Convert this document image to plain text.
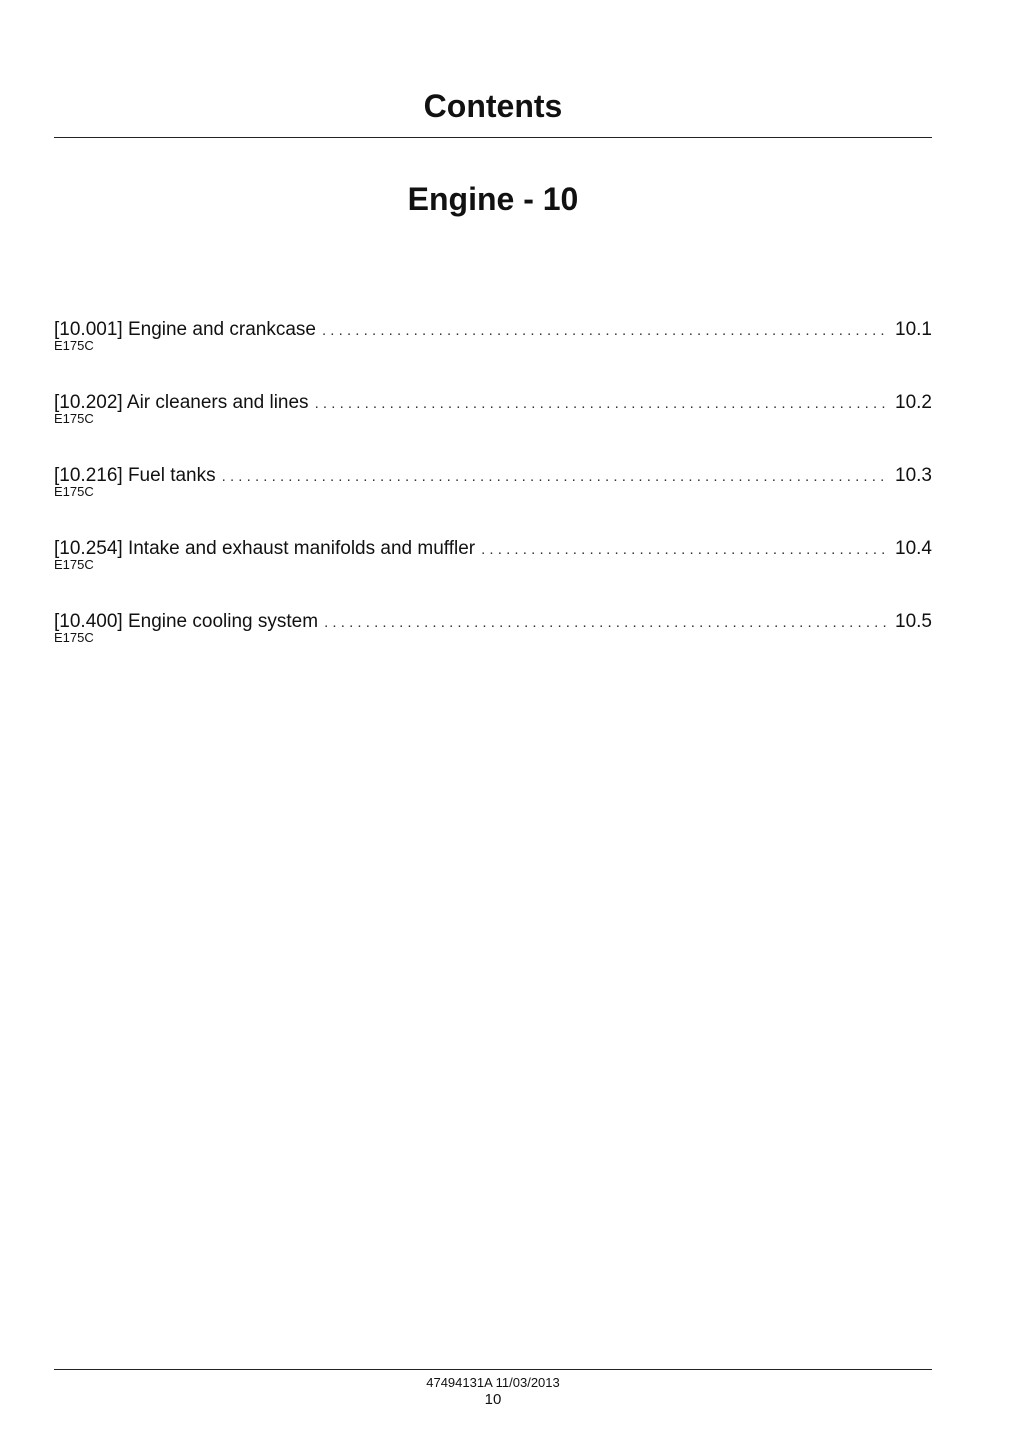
Contents
Engine - 10
[10.001] Engine and crankcase . . .	10.1
E175C
[10.202] Air cleaners and lines . . .	10.2
E175C
[10.216] Fuel tanks . . .	10.3
E175C
[10.254] Intake and exhaust manifolds and muffler . . .	10.4
E175C
[10.400] Engine cooling system . . .	10.5
E175C
47494131A 11/03/2013
10
